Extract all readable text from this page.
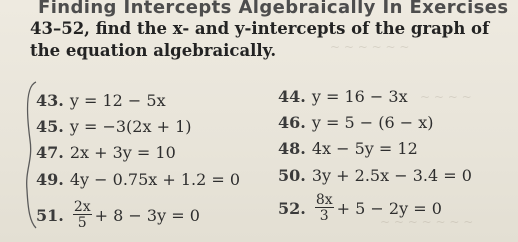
~ ~ ~ ~ ~ ~
~ ~ ~ ~
~ ~ ~ ~ ~ ~ ~
Finding Intercepts Algebraically In Exercises
43–52, find the x- and y-intercepts of the graph of the equation algebraically.
43. y = 12 − 5x	44. y = 16 − 3x
45. y = −3(2x + 1)	46. y = 5 − (6 − x)
47. 2x + 3y = 10	48. 4x − 5y = 12
49. 4y − 0.75x + 1.2 = 0 50. 3y + 2.5x − 3.4 = 0
51. $\frac{2x}{5} + 8 - 3y = 0$	52. $\frac{8x}{3} + 5 - 2y = 0$
